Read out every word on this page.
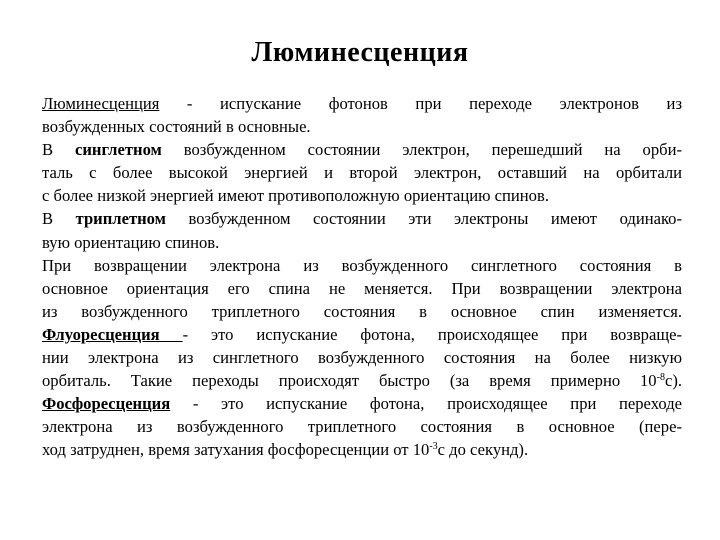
Люминесценция
Люминесценция - испускание фотонов при переходе электронов из
возбужденных состояний в основные.
В синглетном возбужденном состоянии электрон, перешедший на орби-
таль с более высокой энергией и второй электрон, оставший на орбитали
с более низкой энергией имеют противоположную ориентацию спинов.
В триплетном возбужденном состоянии эти электроны имеют одинако-
вую ориентацию спинов.
При возвращении электрона из возбужденного синглетного состояния в
основное ориентация его спина не меняется. При возвращении электрона
из возбужденного триплетного состояния в основное спин изменяется.
Флуоресценция - это испускание фотона, происходящее при возвраще-
нии электрона из синглетного возбужденного состояния на более низкую
орбиталь. Такие переходы происходят быстро (за время примерно $10^{-8}с$).
Фосфоресценция - это испускание фотона, происходящее при переходе
электрона из возбужденного триплетного состояния в основное (пере-
ход затруднен, время затухания фосфоресценции от $10^{-3}с$ до секунд).
